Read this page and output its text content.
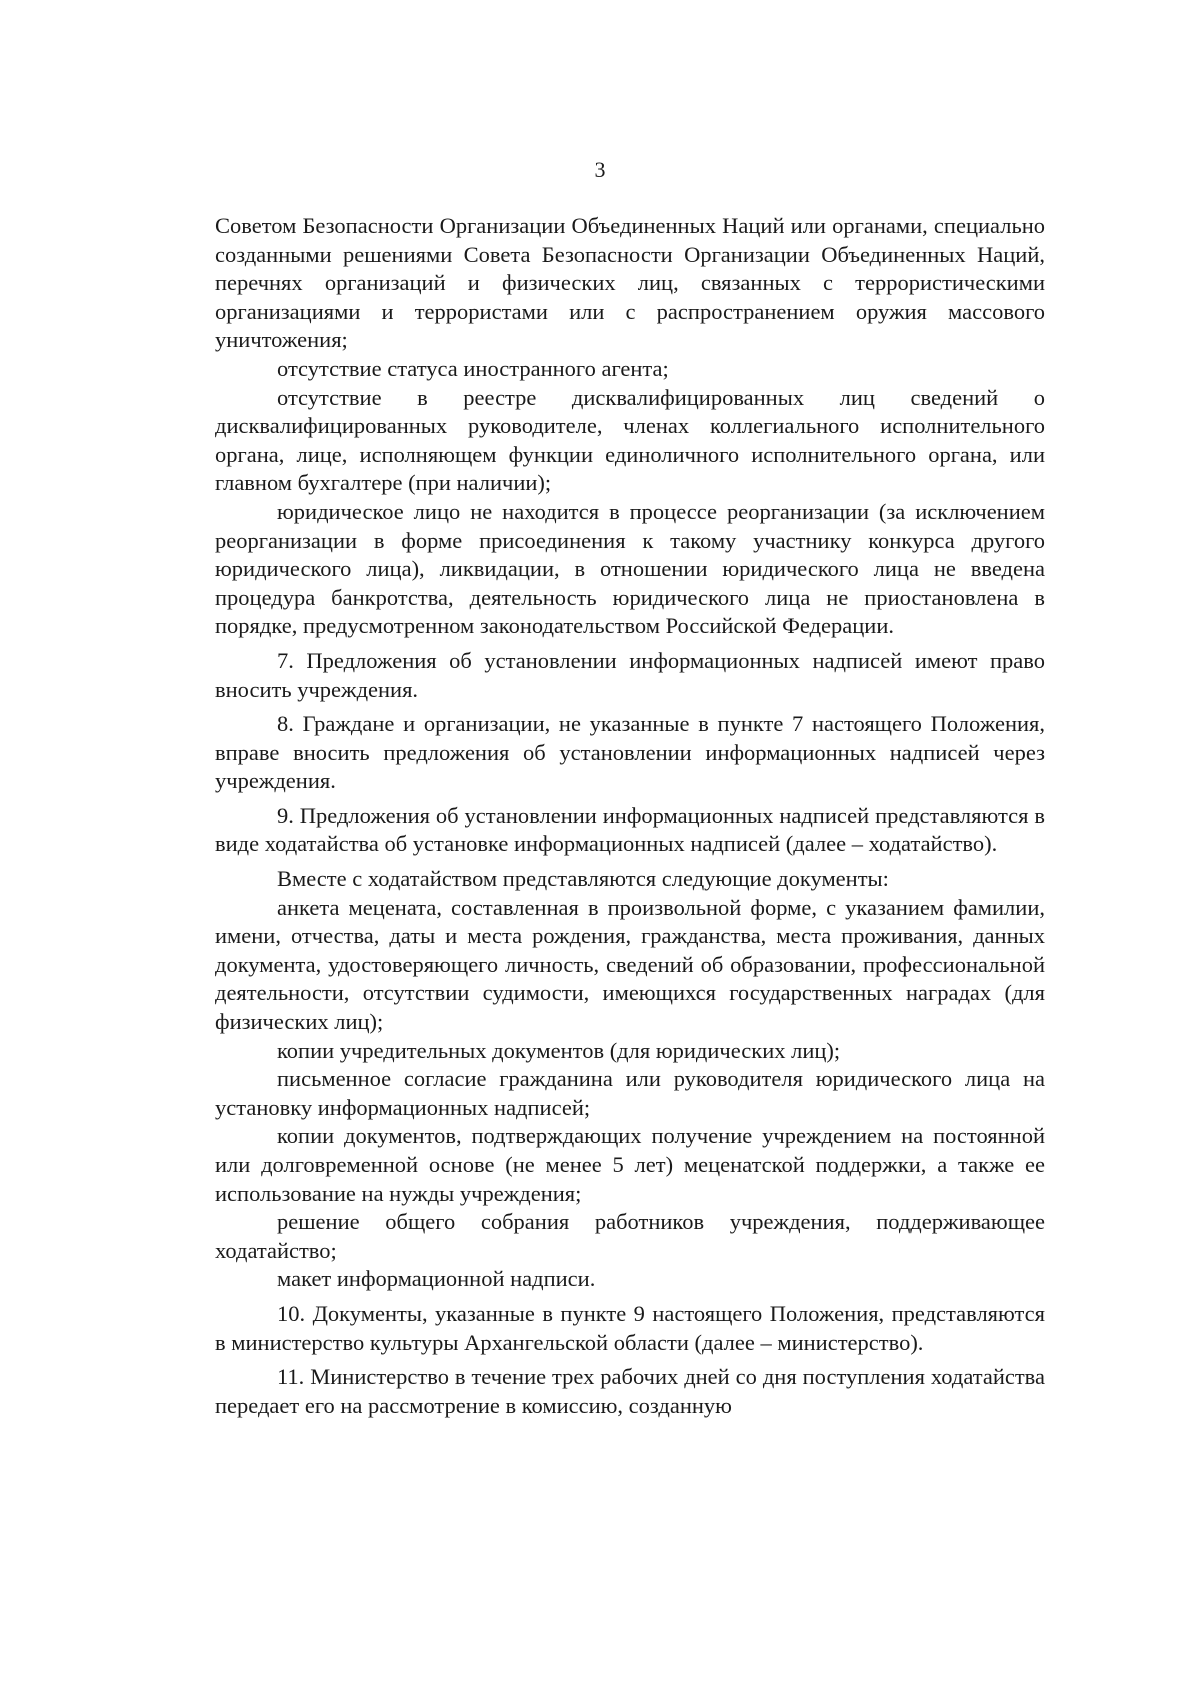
3

Советом Безопасности Организации Объединенных Наций или органами, специально созданными решениями Совета Безопасности Организации Объединенных Наций, перечнях организаций и физических лиц, связанных с террористическими организациями и террористами или с распространением оружия массового уничтожения;

отсутствие статуса иностранного агента;

отсутствие в реестре дисквалифицированных лиц сведений о дисквалифицированных руководителе, членах коллегиального исполнительного органа, лице, исполняющем функции единоличного исполнительного органа, или главном бухгалтере (при наличии);

юридическое лицо не находится в процессе реорганизации (за исключением реорганизации в форме присоединения к такому участнику конкурса другого юридического лица), ликвидации, в отношении юридического лица не введена процедура банкротства, деятельность юридического лица не приостановлена в порядке, предусмотренном законодательством Российской Федерации.

7. Предложения об установлении информационных надписей имеют право вносить учреждения.

8. Граждане и организации, не указанные в пункте 7 настоящего Положения, вправе вносить предложения об установлении информационных надписей через учреждения.

9. Предложения об установлении информационных надписей представляются в виде ходатайства об установке информационных надписей (далее – ходатайство).

Вместе с ходатайством представляются следующие документы:

анкета мецената, составленная в произвольной форме, с указанием фамилии, имени, отчества, даты и места рождения, гражданства, места проживания, данных документа, удостоверяющего личность, сведений об образовании, профессиональной деятельности, отсутствии судимости, имеющихся государственных наградах (для физических лиц);

копии учредительных документов (для юридических лиц);

письменное согласие гражданина или руководителя юридического лица на установку информационных надписей;

копии документов, подтверждающих получение учреждением на постоянной или долговременной основе (не менее 5 лет) меценатской поддержки, а также ее использование на нужды учреждения;

решение общего собрания работников учреждения, поддерживающее ходатайство;

макет информационной надписи.

10. Документы, указанные в пункте 9 настоящего Положения, представляются в министерство культуры Архангельской области (далее – министерство).

11. Министерство в течение трех рабочих дней со дня поступления ходатайства передает его на рассмотрение в комиссию, созданную
